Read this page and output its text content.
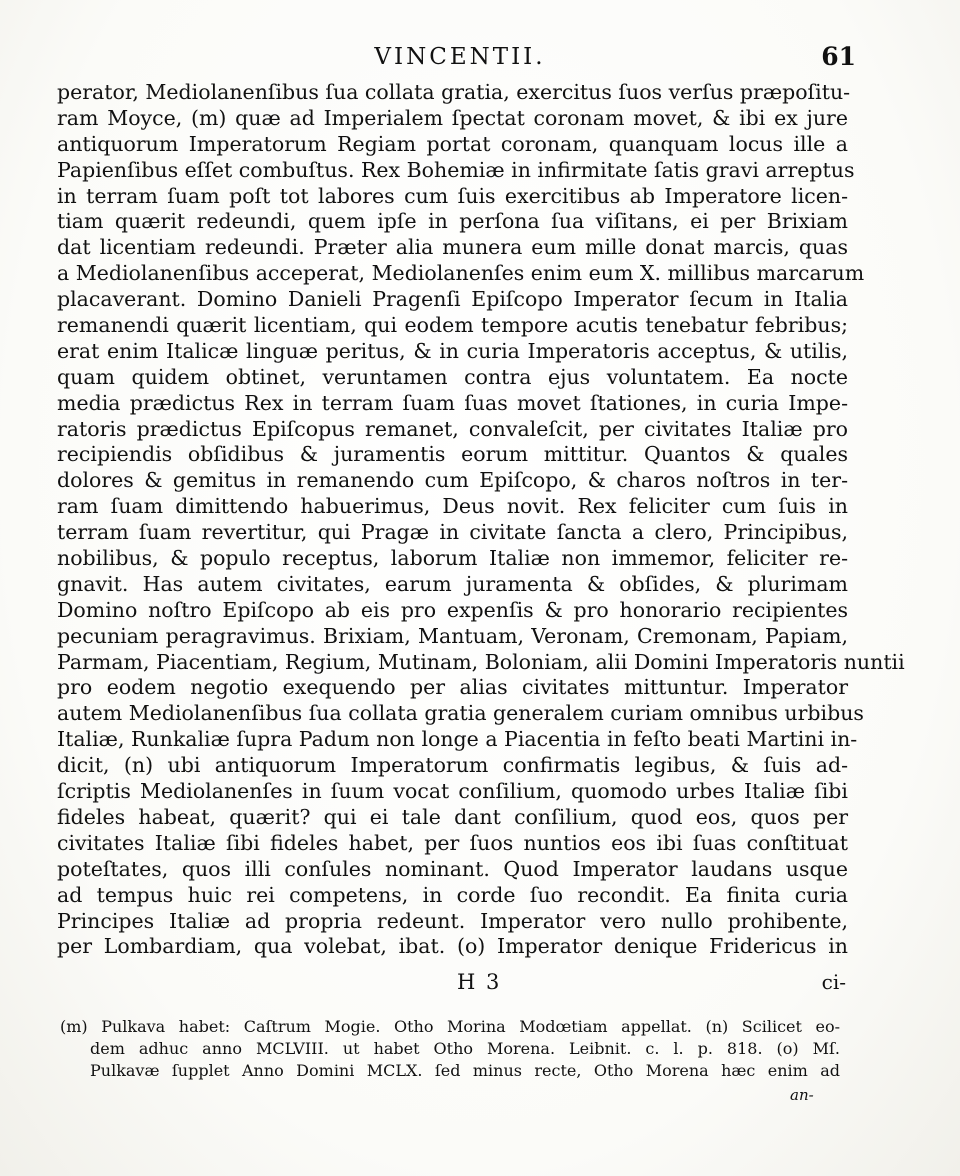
VINCENTII.	61
perator, Mediolanenſibus ſua collata gratia, exercitus ſuos verſus præpoſitu-
ram Moyce, (m) quæ ad Imperialem ſpectat coronam movet, & ibi ex jure
antiquorum Imperatorum Regiam portat coronam, quanquam locus ille a
Papienſibus eſſet combuſtus. Rex Bohemiæ in infirmitate ſatis gravi arreptus
in terram ſuam poſt tot labores cum ſuis exercitibus ab Imperatore licen-
tiam quærit redeundi, quem ipſe in perſona ſua viſitans, ei per Brixiam
dat licentiam redeundi. Præter alia munera eum mille donat marcis, quas
a Mediolanenſibus acceperat, Mediolanenſes enim eum X. millibus marcarum
placaverant. Domino Danieli Pragenſi Epiſcopo Imperator ſecum in Italia
remanendi quærit licentiam, qui eodem tempore acutis tenebatur febribus;
erat enim Italicæ linguæ peritus, & in curia Imperatoris acceptus, & utilis,
quam quidem obtinet, veruntamen contra ejus voluntatem. Ea nocte
media prædictus Rex in terram ſuam ſuas movet ſtationes, in curia Impe-
ratoris prædictus Epiſcopus remanet, convaleſcit, per civitates Italiæ pro
recipiendis obſidibus & juramentis eorum mittitur. Quantos & quales
dolores & gemitus in remanendo cum Epiſcopo, & charos noſtros in ter-
ram ſuam dimittendo habuerimus, Deus novit. Rex feliciter cum ſuis in
terram ſuam revertitur, qui Pragæ in civitate ſancta a clero, Principibus,
nobilibus, & populo receptus, laborum Italiæ non immemor, feliciter re-
gnavit. Has autem civitates, earum juramenta & obſides, & plurimam
Domino noſtro Epiſcopo ab eis pro expenſis & pro honorario recipientes
pecuniam peragravimus. Brixiam, Mantuam, Veronam, Cremonam, Papiam,
Parmam, Piacentiam, Regium, Mutinam, Boloniam, alii Domini Imperatoris nuntii
pro eodem negotio exequendo per alias civitates mittuntur. Imperator
autem Mediolanenſibus ſua collata gratia generalem curiam omnibus urbibus
Italiæ, Runkaliæ ſupra Padum non longe a Piacentia in feſto beati Martini in-
dicit, (n) ubi antiquorum Imperatorum confirmatis legibus, & ſuis ad-
ſcriptis Mediolanenſes in ſuum vocat conſilium, quomodo urbes Italiæ ſibi
fideles habeat, quærit? qui ei tale dant conſilium, quod eos, quos per
civitates Italiæ ſibi fideles habet, per ſuos nuntios eos ibi ſuas conſtituat
poteſtates, quos illi conſules nominant. Quod Imperator laudans usque
ad tempus huic rei competens, in corde ſuo recondit. Ea finita curia
Principes Italiæ ad propria redeunt. Imperator vero nullo prohibente,
per Lombardiam, qua volebat, ibat. (o) Imperator denique Fridericus in
H 3	ci-
(m) Pulkava habet: Caſtrum Mogie. Otho Morina Modœtiam appellat. (n) Scilicet eo-
dem adhuc anno MCLVIII. ut habet Otho Morena. Leibnit. c. l. p. 818. (o) Mſ.
Pulkavæ ſupplet Anno Domini MCLX. ſed minus recte, Otho Morena hæc enim ad
an-
